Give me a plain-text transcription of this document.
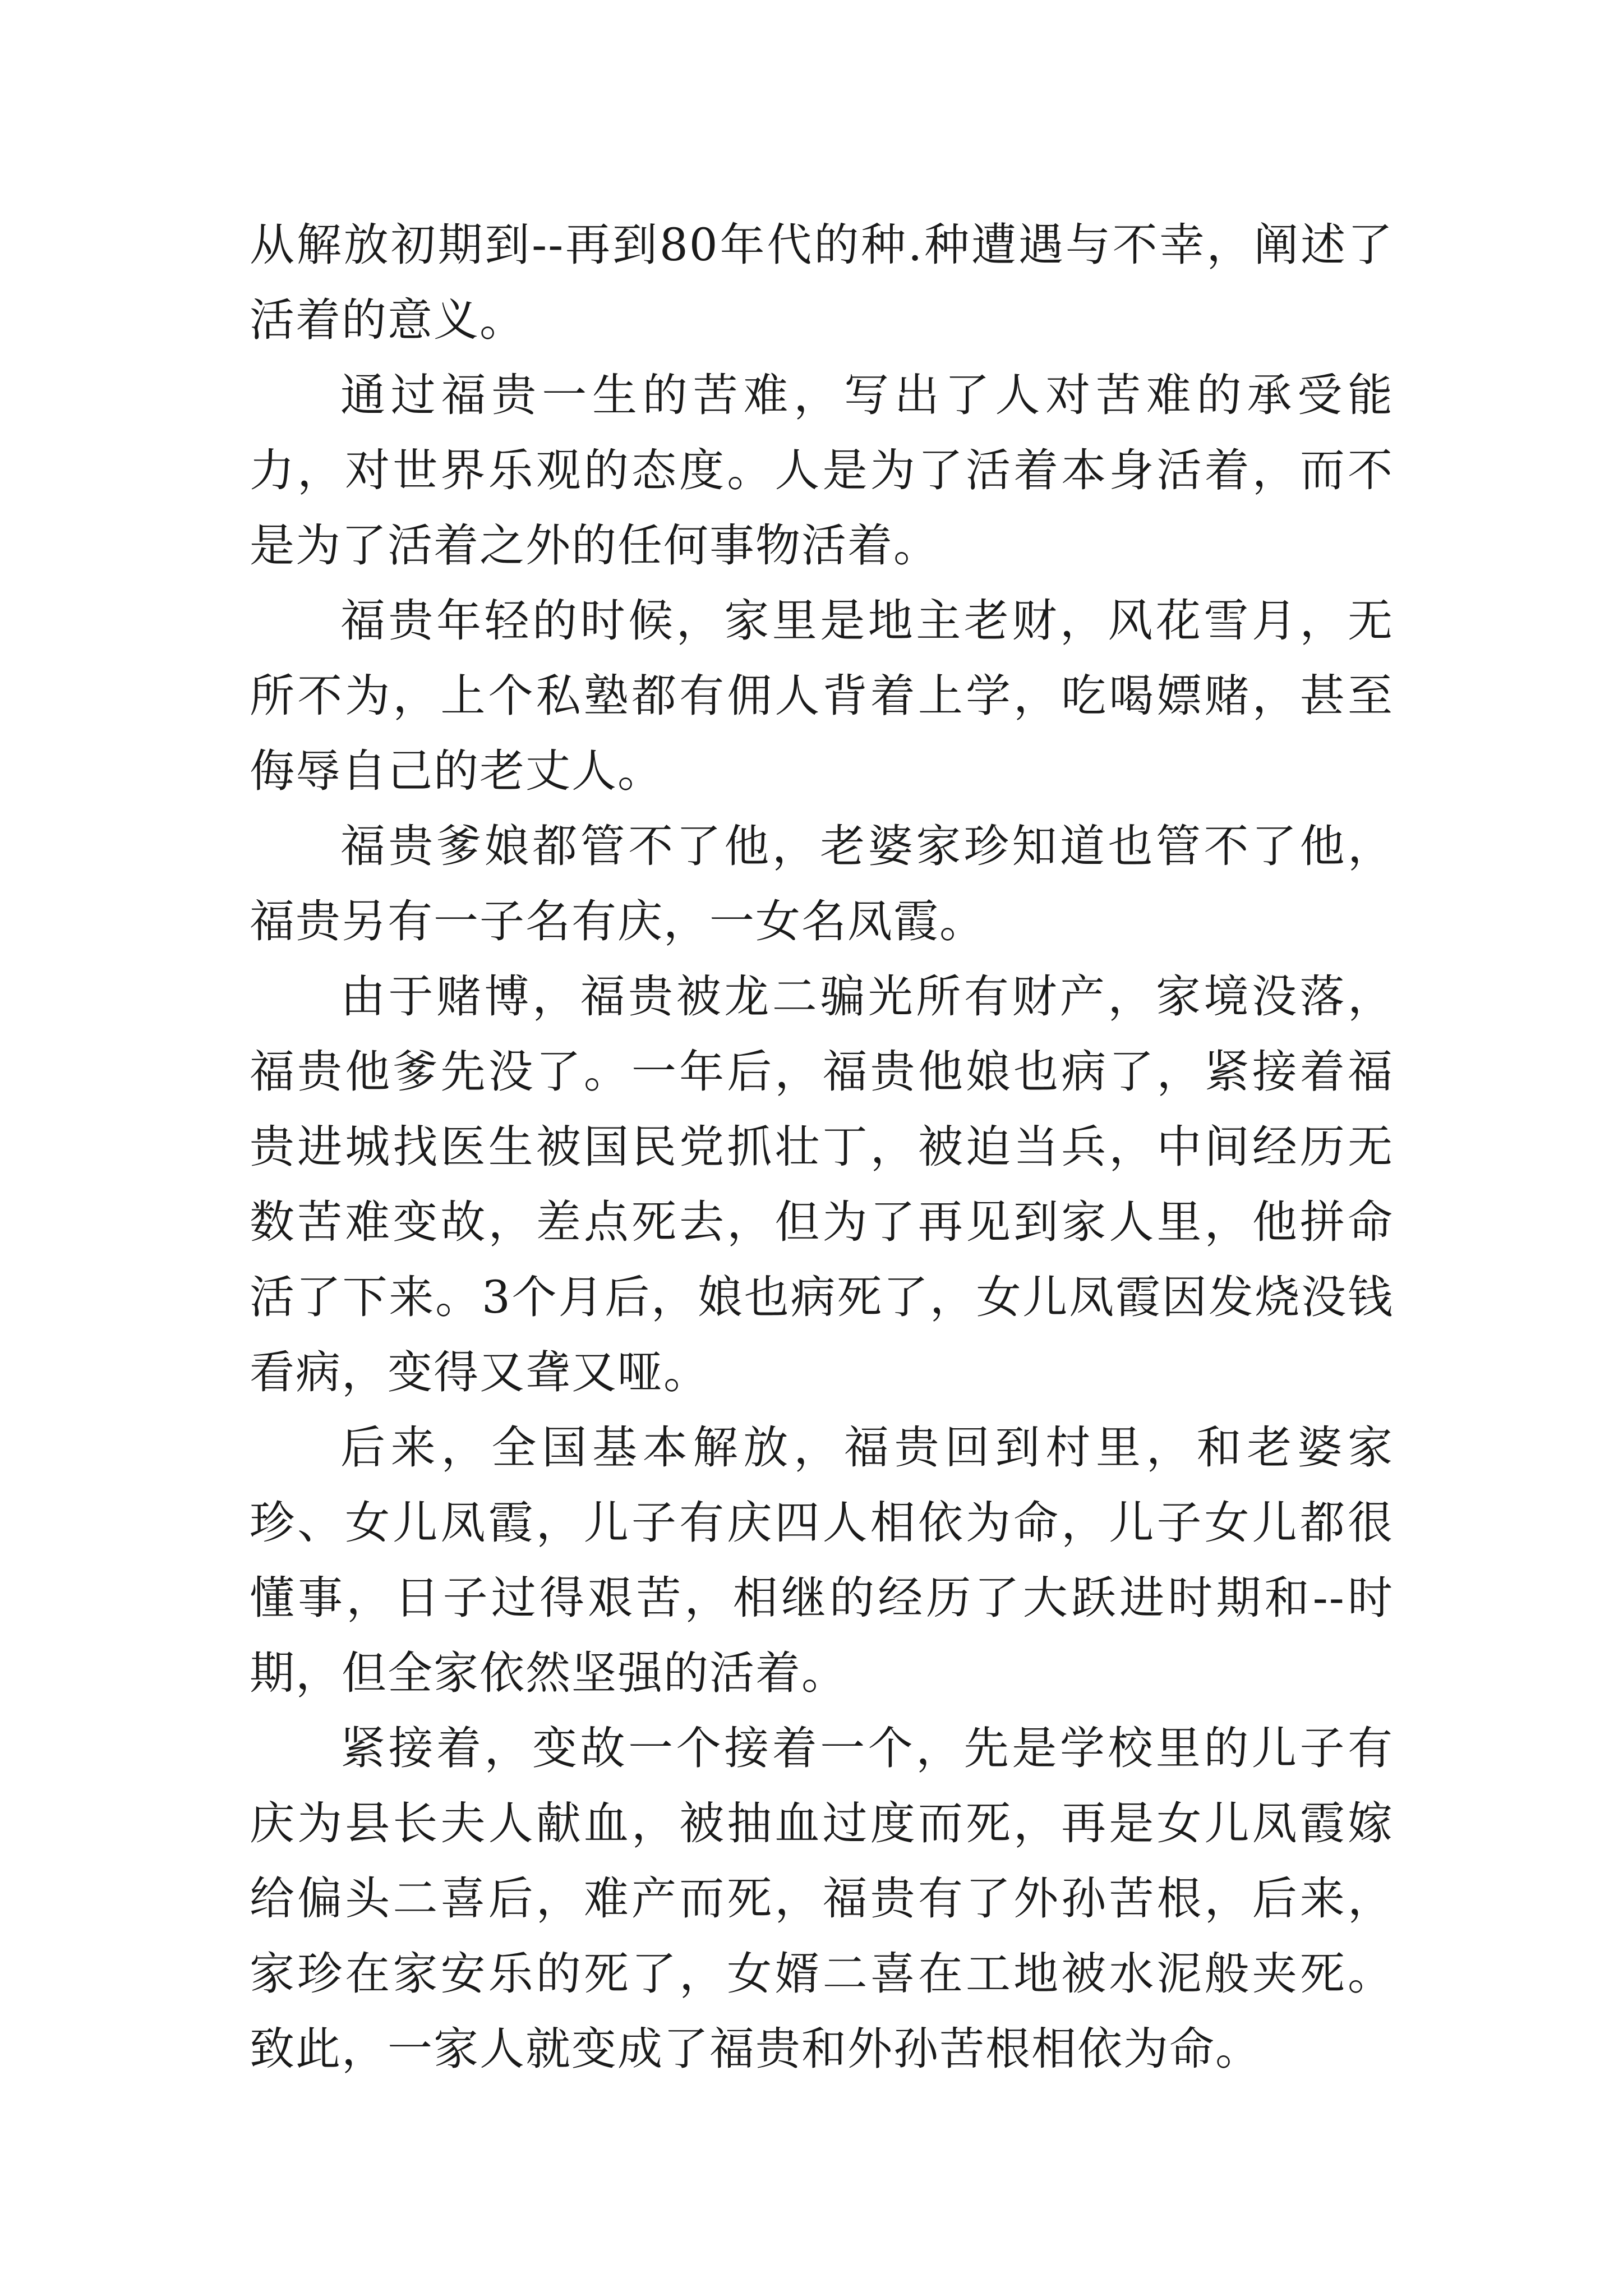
从解放初期到--再到80年代的种.种遭遇与不幸，阐述了活着的意义。

通过福贵一生的苦难，写出了人对苦难的承受能力，对世界乐观的态度。人是为了活着本身活着，而不是为了活着之外的任何事物活着。

福贵年轻的时候，家里是地主老财，风花雪月，无所不为，上个私塾都有佣人背着上学，吃喝嫖赌，甚至侮辱自己的老丈人。

福贵爹娘都管不了他，老婆家珍知道也管不了他，福贵另有一子名有庆，一女名凤霞。

由于赌博，福贵被龙二骗光所有财产，家境没落，福贵他爹先没了。一年后，福贵他娘也病了，紧接着福贵进城找医生被国民党抓壮丁，被迫当兵，中间经历无数苦难变故，差点死去，但为了再见到家人里，他拼命活了下来。3个月后，娘也病死了，女儿凤霞因发烧没钱看病，变得又聋又哑。

后来，全国基本解放，福贵回到村里，和老婆家珍、女儿凤霞，儿子有庆四人相依为命，儿子女儿都很懂事，日子过得艰苦，相继的经历了大跃进时期和--时期，但全家依然坚强的活着。

紧接着，变故一个接着一个，先是学校里的儿子有庆为县长夫人献血，被抽血过度而死，再是女儿凤霞嫁给偏头二喜后，难产而死，福贵有了外孙苦根，后来，家珍在家安乐的死了，女婿二喜在工地被水泥般夹死。致此，一家人就变成了福贵和外孙苦根相依为命。
